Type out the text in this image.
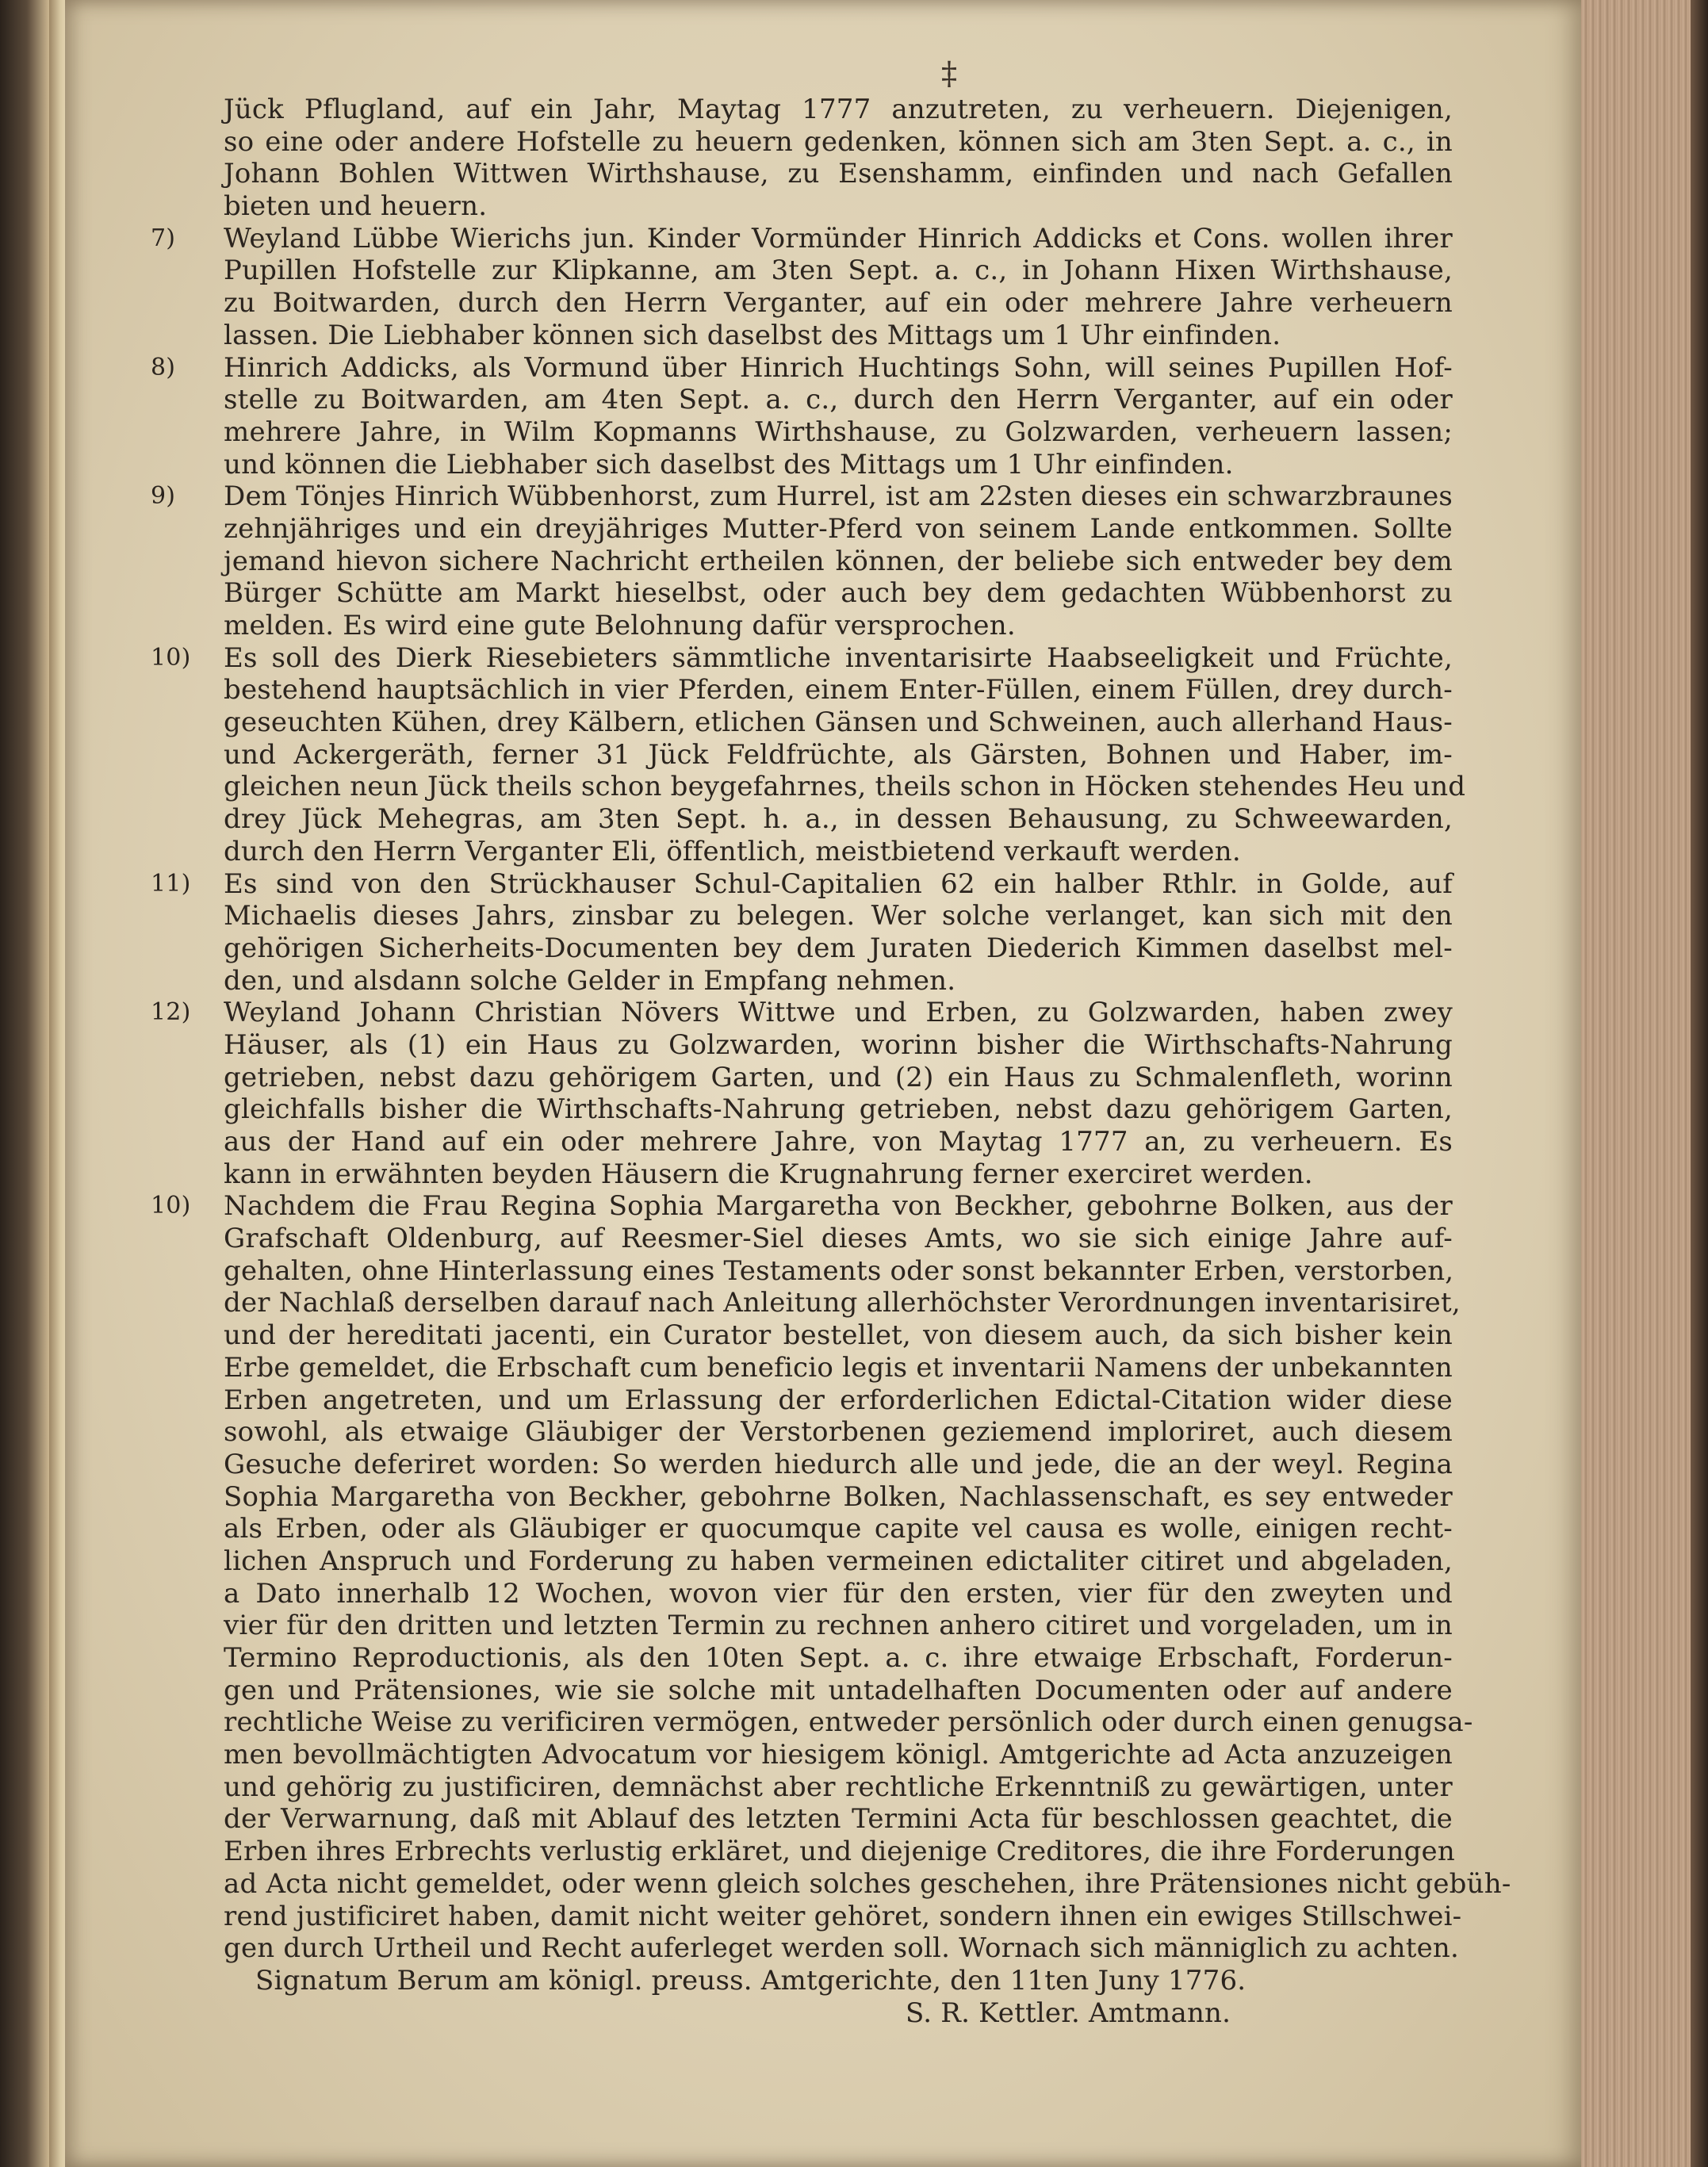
‡
Jück Pflugland, auf ein Jahr, Maytag 1777 anzutreten, zu verheuern. Diejenigen,
so eine oder andere Hofstelle zu heuern gedenken, können sich am 3ten Sept. a. c., in
Johann Bohlen Wittwen Wirthshause, zu Esenshamm, einfinden und nach Gefallen
bieten und heuern.
7)	Weyland Lübbe Wierichs jun. Kinder Vormünder Hinrich Addicks et Cons. wollen ihrer
Pupillen Hofstelle zur Klipkanne, am 3ten Sept. a. c., in Johann Hixen Wirthshause,
zu Boitwarden, durch den Herrn Verganter, auf ein oder mehrere Jahre verheuern
lassen. Die Liebhaber können sich daselbst des Mittags um 1 Uhr einfinden.
8)	Hinrich Addicks, als Vormund über Hinrich Huchtings Sohn, will seines Pupillen Hof-
stelle zu Boitwarden, am 4ten Sept. a. c., durch den Herrn Verganter, auf ein oder
mehrere Jahre, in Wilm Kopmanns Wirthshause, zu Golzwarden, verheuern lassen;
und können die Liebhaber sich daselbst des Mittags um 1 Uhr einfinden.
9)	Dem Tönjes Hinrich Wübbenhorst, zum Hurrel, ist am 22sten dieses ein schwarzbraunes
zehnjähriges und ein dreyjähriges Mutter-Pferd von seinem Lande entkommen. Sollte
jemand hievon sichere Nachricht ertheilen können, der beliebe sich entweder bey dem
Bürger Schütte am Markt hieselbst, oder auch bey dem gedachten Wübbenhorst zu
melden. Es wird eine gute Belohnung dafür versprochen.
10)	Es soll des Dierk Riesebieters sämmtliche inventarisirte Haabseeligkeit und Früchte,
bestehend hauptsächlich in vier Pferden, einem Enter-Füllen, einem Füllen, drey durch-
geseuchten Kühen, drey Kälbern, etlichen Gänsen und Schweinen, auch allerhand Haus-
und Ackergeräth, ferner 31 Jück Feldfrüchte, als Gärsten, Bohnen und Haber, im-
gleichen neun Jück theils schon beygefahrnes, theils schon in Höcken stehendes Heu und
drey Jück Mehegras, am 3ten Sept. h. a., in dessen Behausung, zu Schweewarden,
durch den Herrn Verganter Eli, öffentlich, meistbietend verkauft werden.
11)	Es sind von den Strückhauser Schul-Capitalien 62 ein halber Rthlr. in Golde, auf
Michaelis dieses Jahrs, zinsbar zu belegen. Wer solche verlanget, kan sich mit den
gehörigen Sicherheits-Documenten bey dem Juraten Diederich Kimmen daselbst mel-
den, und alsdann solche Gelder in Empfang nehmen.
12)	Weyland Johann Christian Növers Wittwe und Erben, zu Golzwarden, haben zwey
Häuser, als (1) ein Haus zu Golzwarden, worinn bisher die Wirthschafts-Nahrung
getrieben, nebst dazu gehörigem Garten, und (2) ein Haus zu Schmalenfleth, worinn
gleichfalls bisher die Wirthschafts-Nahrung getrieben, nebst dazu gehörigem Garten,
aus der Hand auf ein oder mehrere Jahre, von Maytag 1777 an, zu verheuern. Es
kann in erwähnten beyden Häusern die Krugnahrung ferner exerciret werden.
10)	Nachdem die Frau Regina Sophia Margaretha von Beckher, gebohrne Bolken, aus der
Grafschaft Oldenburg, auf Reesmer-Siel dieses Amts, wo sie sich einige Jahre auf-
gehalten, ohne Hinterlassung eines Testaments oder sonst bekannter Erben, verstorben,
der Nachlaß derselben darauf nach Anleitung allerhöchster Verordnungen inventarisiret,
und der hereditati jacenti, ein Curator bestellet, von diesem auch, da sich bisher kein
Erbe gemeldet, die Erbschaft cum beneficio legis et inventarii Namens der unbekannten
Erben angetreten, und um Erlassung der erforderlichen Edictal-Citation wider diese
sowohl, als etwaige Gläubiger der Verstorbenen geziemend imploriret, auch diesem
Gesuche deferiret worden: So werden hiedurch alle und jede, die an der weyl. Regina
Sophia Margaretha von Beckher, gebohrne Bolken, Nachlassenschaft, es sey entweder
als Erben, oder als Gläubiger er quocumque capite vel causa es wolle, einigen recht-
lichen Anspruch und Forderung zu haben vermeinen edictaliter citiret und abgeladen,
a Dato innerhalb 12 Wochen, wovon vier für den ersten, vier für den zweyten und
vier für den dritten und letzten Termin zu rechnen anhero citiret und vorgeladen, um in
Termino Reproductionis, als den 10ten Sept. a. c. ihre etwaige Erbschaft, Forderun-
gen und Prätensiones, wie sie solche mit untadelhaften Documenten oder auf andere
rechtliche Weise zu verificiren vermögen, entweder persönlich oder durch einen genugsa-
men bevollmächtigten Advocatum vor hiesigem königl. Amtgerichte ad Acta anzuzeigen
und gehörig zu justificiren, demnächst aber rechtliche Erkenntniß zu gewärtigen, unter
der Verwarnung, daß mit Ablauf des letzten Termini Acta für beschlossen geachtet, die
Erben ihres Erbrechts verlustig erkläret, und diejenige Creditores, die ihre Forderungen
ad Acta nicht gemeldet, oder wenn gleich solches geschehen, ihre Prätensiones nicht gebüh-
rend justificiret haben, damit nicht weiter gehöret, sondern ihnen ein ewiges Stillschwei-
gen durch Urtheil und Recht auferleget werden soll. Wornach sich männiglich zu achten.
Signatum Berum am königl. preuss. Amtgerichte, den 11ten Juny 1776.
S. R. Kettler. Amtmann.
